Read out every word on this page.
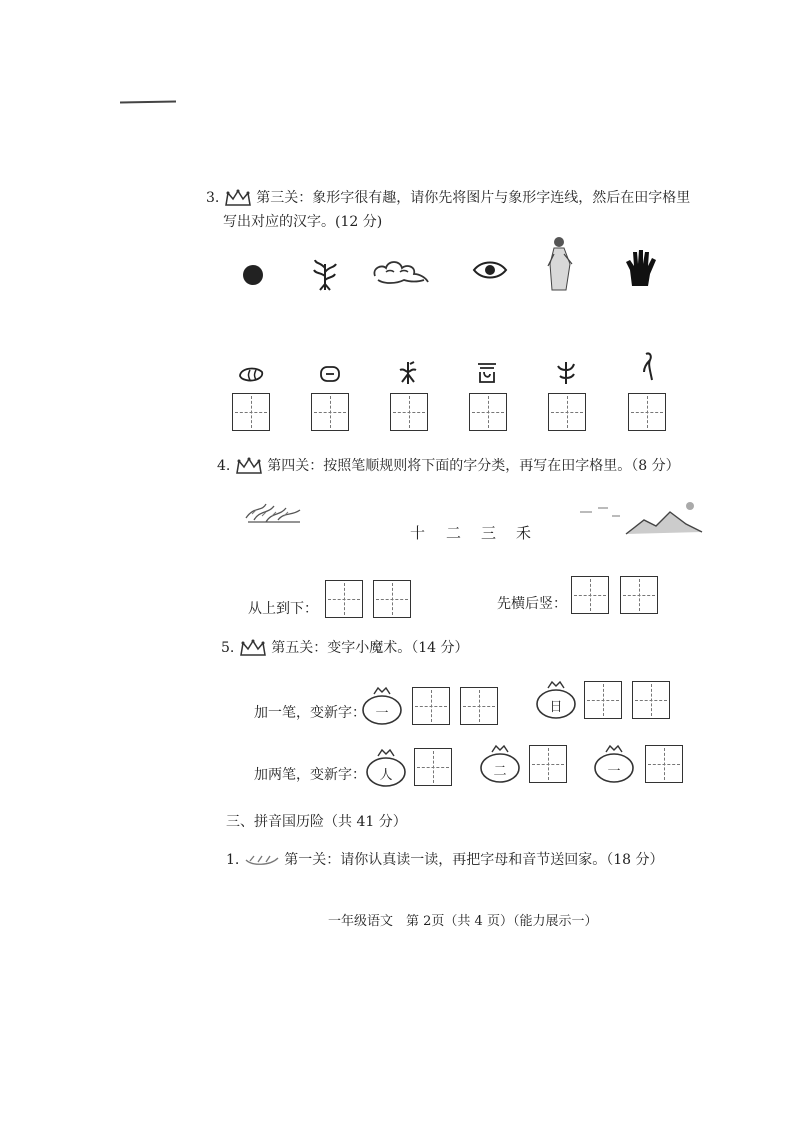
3.	第三关：象形字很有趣，请你先将图片与象形字连线，然后在田字格里
写出对应的汉字。(12 分)
4.	第四关：按照笔顺规则将下面的字分类，再写在田字格里。（8 分）
十 二 三 禾
从上到下：	先横后竖：
5.	第五关：变字小魔术。（14 分）
加一笔，变新字： 一	日
加两笔，变新字：	人	二	一
三、拼音国历险（共 41 分）
1.	第一关：请你认真读一读，再把字母和音节送回家。（18 分）
一年级语文　第 2页（共 4 页）（能力展示一）
